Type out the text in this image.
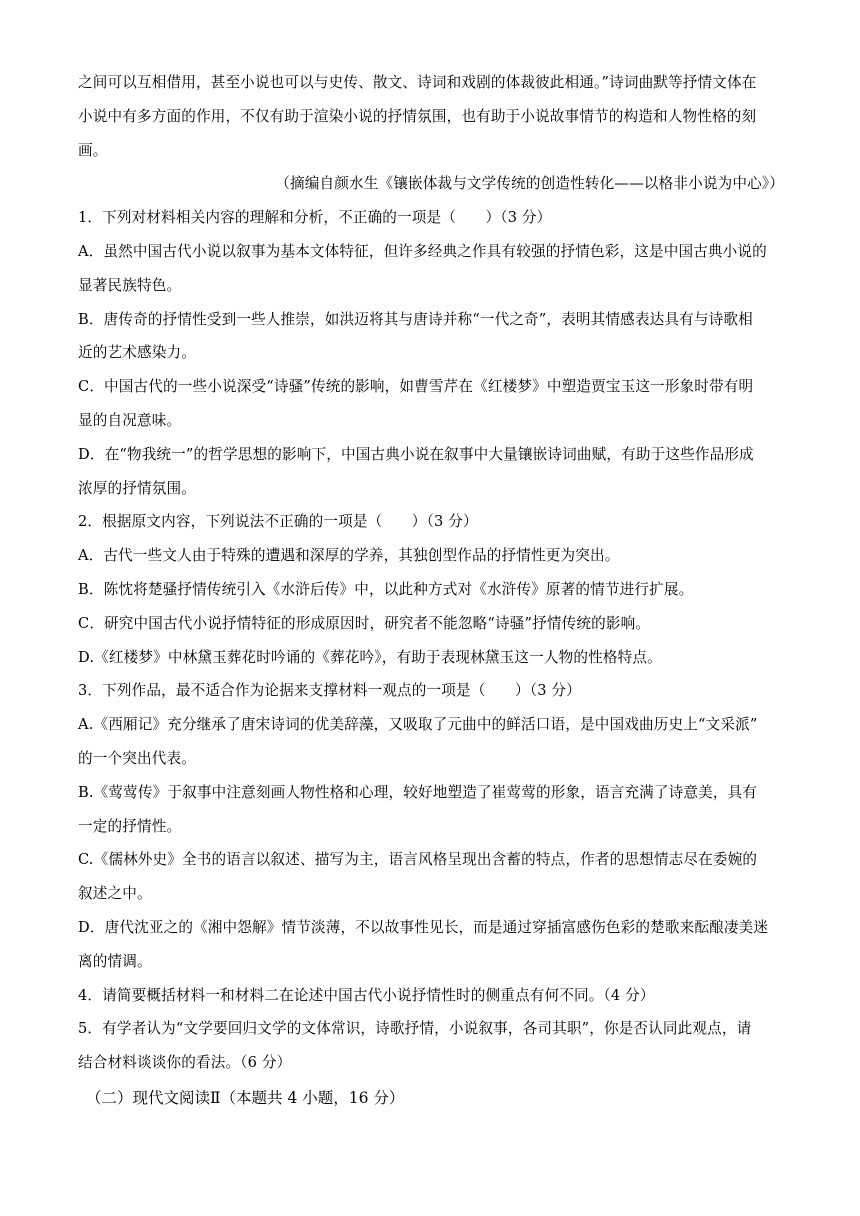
之间可以互相借用，甚至小说也可以与史传、散文、诗词和戏剧的体裁彼此相通。”诗词曲默等抒情文体在
小说中有多方面的作用，不仅有助于渲染小说的抒情氛围，也有助于小说故事情节的构造和人物性格的刻
画。
（摘编自颜水生《镶嵌体裁与文学传统的创造性转化——以格非小说为中心》）
1．下列对材料相关内容的理解和分析，不正确的一项是（　　）（3 分）
A．虽然中国古代小说以叙事为基本文体特征，但许多经典之作具有较强的抒情色彩，这是中国古典小说的
显著民族特色。
B．唐传奇的抒情性受到一些人推崇，如洪迈将其与唐诗并称“一代之奇”，表明其情感表达具有与诗歌相
近的艺术感染力。
C．中国古代的一些小说深受“诗骚”传统的影响，如曹雪芹在《红楼梦》中塑造贾宝玉这一形象时带有明
显的自况意味。
D．在“物我统一”的哲学思想的影响下，中国古典小说在叙事中大量镶嵌诗词曲赋，有助于这些作品形成
浓厚的抒情氛围。
2．根据原文内容，下列说法不正确的一项是（　　）（3 分）
A．古代一些文人由于特殊的遭遇和深厚的学养，其独创型作品的抒情性更为突出。
B．陈忱将楚骚抒情传统引入《水浒后传》中，以此种方式对《水浒传》原著的情节进行扩展。
C．研究中国古代小说抒情特征的形成原因时，研究者不能忽略“诗骚”抒情传统的影响。
D.《红楼梦》中林黛玉葬花时吟诵的《葬花吟》，有助于表现林黛玉这一人物的性格特点。
3．下列作品，最不适合作为论据来支撑材料一观点的一项是（　　）（3 分）
A.《西厢记》充分继承了唐宋诗词的优美辞藻，又吸取了元曲中的鲜活口语，是中国戏曲历史上“文采派”
的一个突出代表。
B.《莺莺传》于叙事中注意刻画人物性格和心理，较好地塑造了崔莺莺的形象，语言充满了诗意美，具有
一定的抒情性。
C.《儒林外史》全书的语言以叙述、描写为主，语言风格呈现出含蓄的特点，作者的思想情志尽在委婉的
叙述之中。
D．唐代沈亚之的《湘中怨解》情节淡薄，不以故事性见长，而是通过穿插富感伤色彩的楚歌来酝酿凄美迷
离的情调。
4．请简要概括材料一和材料二在论述中国古代小说抒情性时的侧重点有何不同。（4 分）
5．有学者认为“文学要回归文学的文体常识，诗歌抒情，小说叙事，各司其职”，你是否认同此观点，请
结合材料谈谈你的看法。（6 分）
（二）现代文阅读Ⅱ（本题共 4 小题，16 分）
